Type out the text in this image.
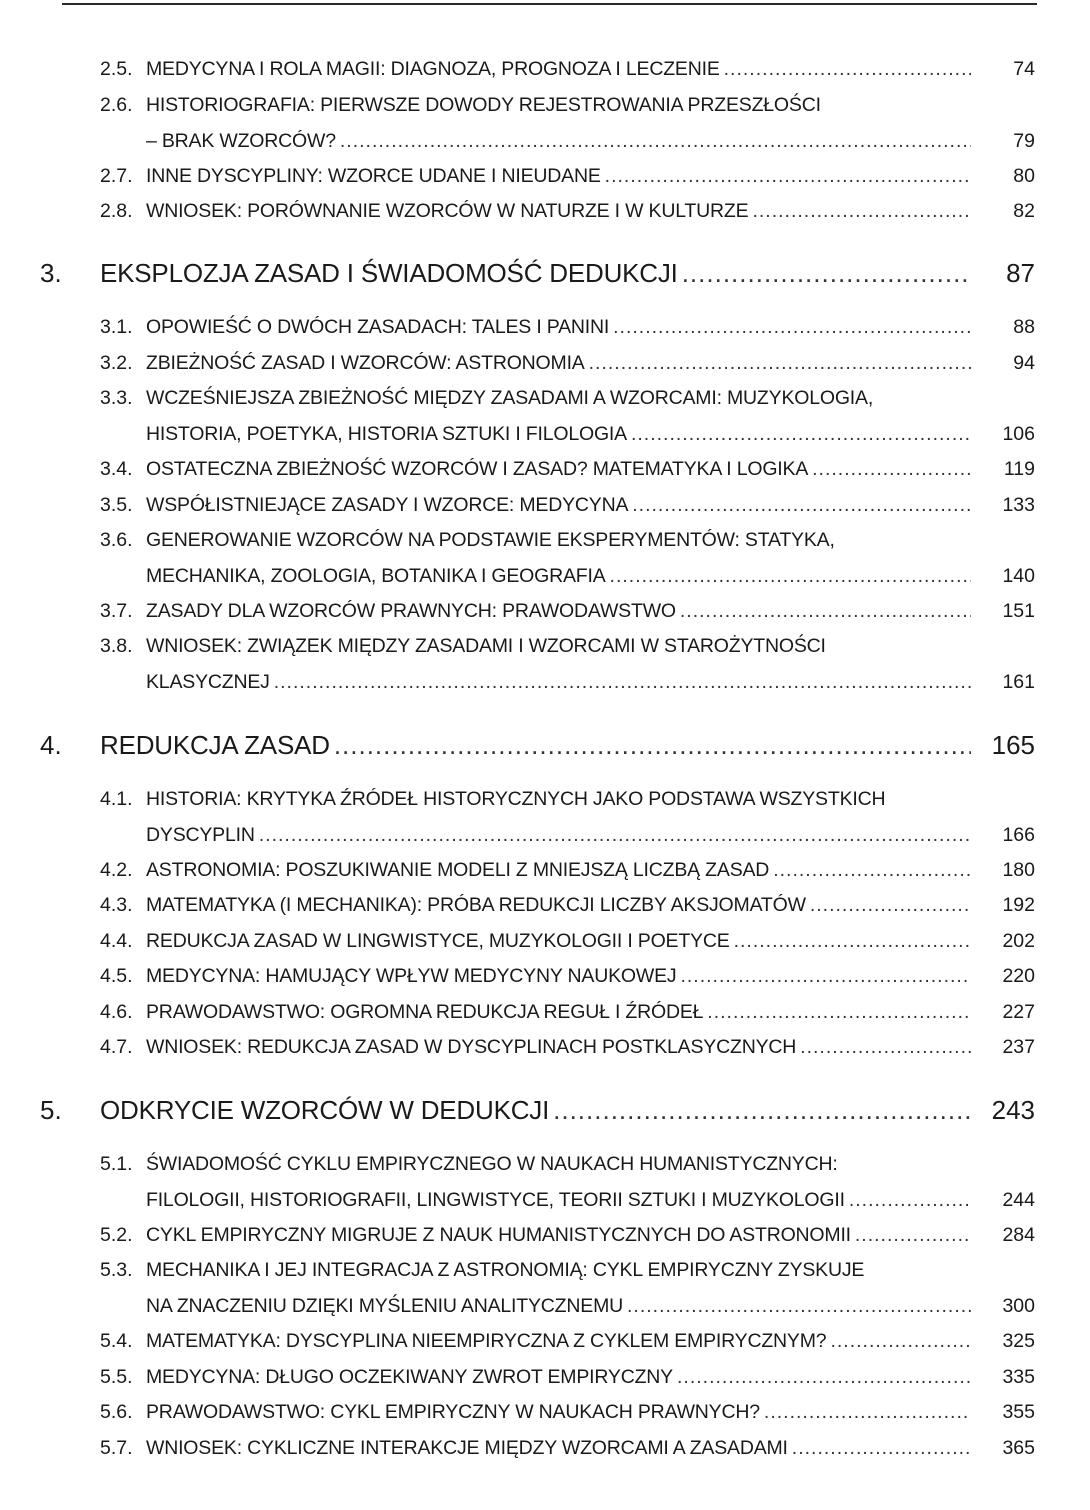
2.5. MEDYCYNA I ROLA MAGII: DIAGNOZA, PROGNOZA I LECZENIE .....	74
2.6. HISTORIOGRAFIA: PIERWSZE DOWODY REJESTROWANIA PRZESZŁOŚCI
– BRAK WZORCÓW? .....	79
2.7. INNE DYSCYPLINY: WZORCE UDANE I NIEUDANE .....	80
2.8. WNIOSEK: PORÓWNANIE WZORCÓW W NATURZE I W KULTURZE .....	82
3. EKSPLOZJA ZASAD I ŚWIADOMOŚĆ DEDUKCJI .....	87
3.1. OPOWIEŚĆ O DWÓCH ZASADACH: TALES I PANINI .....	88
3.2. ZBIEŻNOŚĆ ZASAD I WZORCÓW: ASTRONOMIA .....	94
3.3. WCZEŚNIEJSZA ZBIEŻNOŚĆ MIĘDZY ZASADAMI A WZORCAMI: MUZYKOLOGIA,
HISTORIA, POETYKA, HISTORIA SZTUKI I FILOLOGIA .....	106
3.4. OSTATECZNA ZBIEŻNOŚĆ WZORCÓW I ZASAD? MATEMATYKA I LOGIKA .....	119
3.5. WSPÓŁISTNIEJĄCE ZASADY I WZORCE: MEDYCYNA .....	133
3.6. GENEROWANIE WZORCÓW NA PODSTAWIE EKSPERYMENTÓW: STATYKA,
MECHANIKA, ZOOLOGIA, BOTANIKA I GEOGRAFIA .....	140
3.7. ZASADY DLA WZORCÓW PRAWNYCH: PRAWODAWSTWO .....	151
3.8. WNIOSEK: ZWIĄZEK MIĘDZY ZASADAMI I WZORCAMI W STAROŻYTNOŚCI
KLASYCZNEJ .....	161
4. REDUKCJA ZASAD .....	165
4.1. HISTORIA: KRYTYKA ŹRÓDEŁ HISTORYCZNYCH JAKO PODSTAWA WSZYSTKICH
DYSCYPLIN .....	166
4.2. ASTRONOMIA: POSZUKIWANIE MODELI Z MNIEJSZĄ LICZBĄ ZASAD .....	180
4.3. MATEMATYKA (I MECHANIKA): PRÓBA REDUKCJI LICZBY AKSJOMATÓW .....	192
4.4. REDUKCJA ZASAD W LINGWISTYCE, MUZYKOLOGII I POETYCE .....	202
4.5. MEDYCYNA: HAMUJĄCY WPŁYW MEDYCYNY NAUKOWEJ .....	220
4.6. PRAWODAWSTWO: OGROMNA REDUKCJA REGUŁ I ŹRÓDEŁ .....	227
4.7. WNIOSEK: REDUKCJA ZASAD W DYSCYPLINACH POSTKLASYCZNYCH .....	237
5. ODKRYCIE WZORCÓW W DEDUKCJI .....	243
5.1. ŚWIADOMOŚĆ CYKLU EMPIRYCZNEGO W NAUKACH HUMANISTYCZNYCH:
FILOLOGII, HISTORIOGRAFII, LINGWISTYCE, TEORII SZTUKI I MUZYKOLOGII .....	244
5.2. CYKL EMPIRYCZNY MIGRUJE Z NAUK HUMANISTYCZNYCH DO ASTRONOMII .....	284
5.3. MECHANIKA I JEJ INTEGRACJA Z ASTRONOMIĄ: CYKL EMPIRYCZNY ZYSKUJE
NA ZNACZENIU DZIĘKI MYŚLENIU ANALITYCZNEMU .....	300
5.4. MATEMATYKA: DYSCYPLINA NIEEMPIRYCZNA Z CYKLEM EMPIRYCZNYM? .....	325
5.5. MEDYCYNA: DŁUGO OCZEKIWANY ZWROT EMPIRYCZNY .....	335
5.6. PRAWODAWSTWO: CYKL EMPIRYCZNY W NAUKACH PRAWNYCH? .....	355
5.7. WNIOSEK: CYKLICZNE INTERAKCJE MIĘDZY WZORCAMI A ZASADAMI .....	365
